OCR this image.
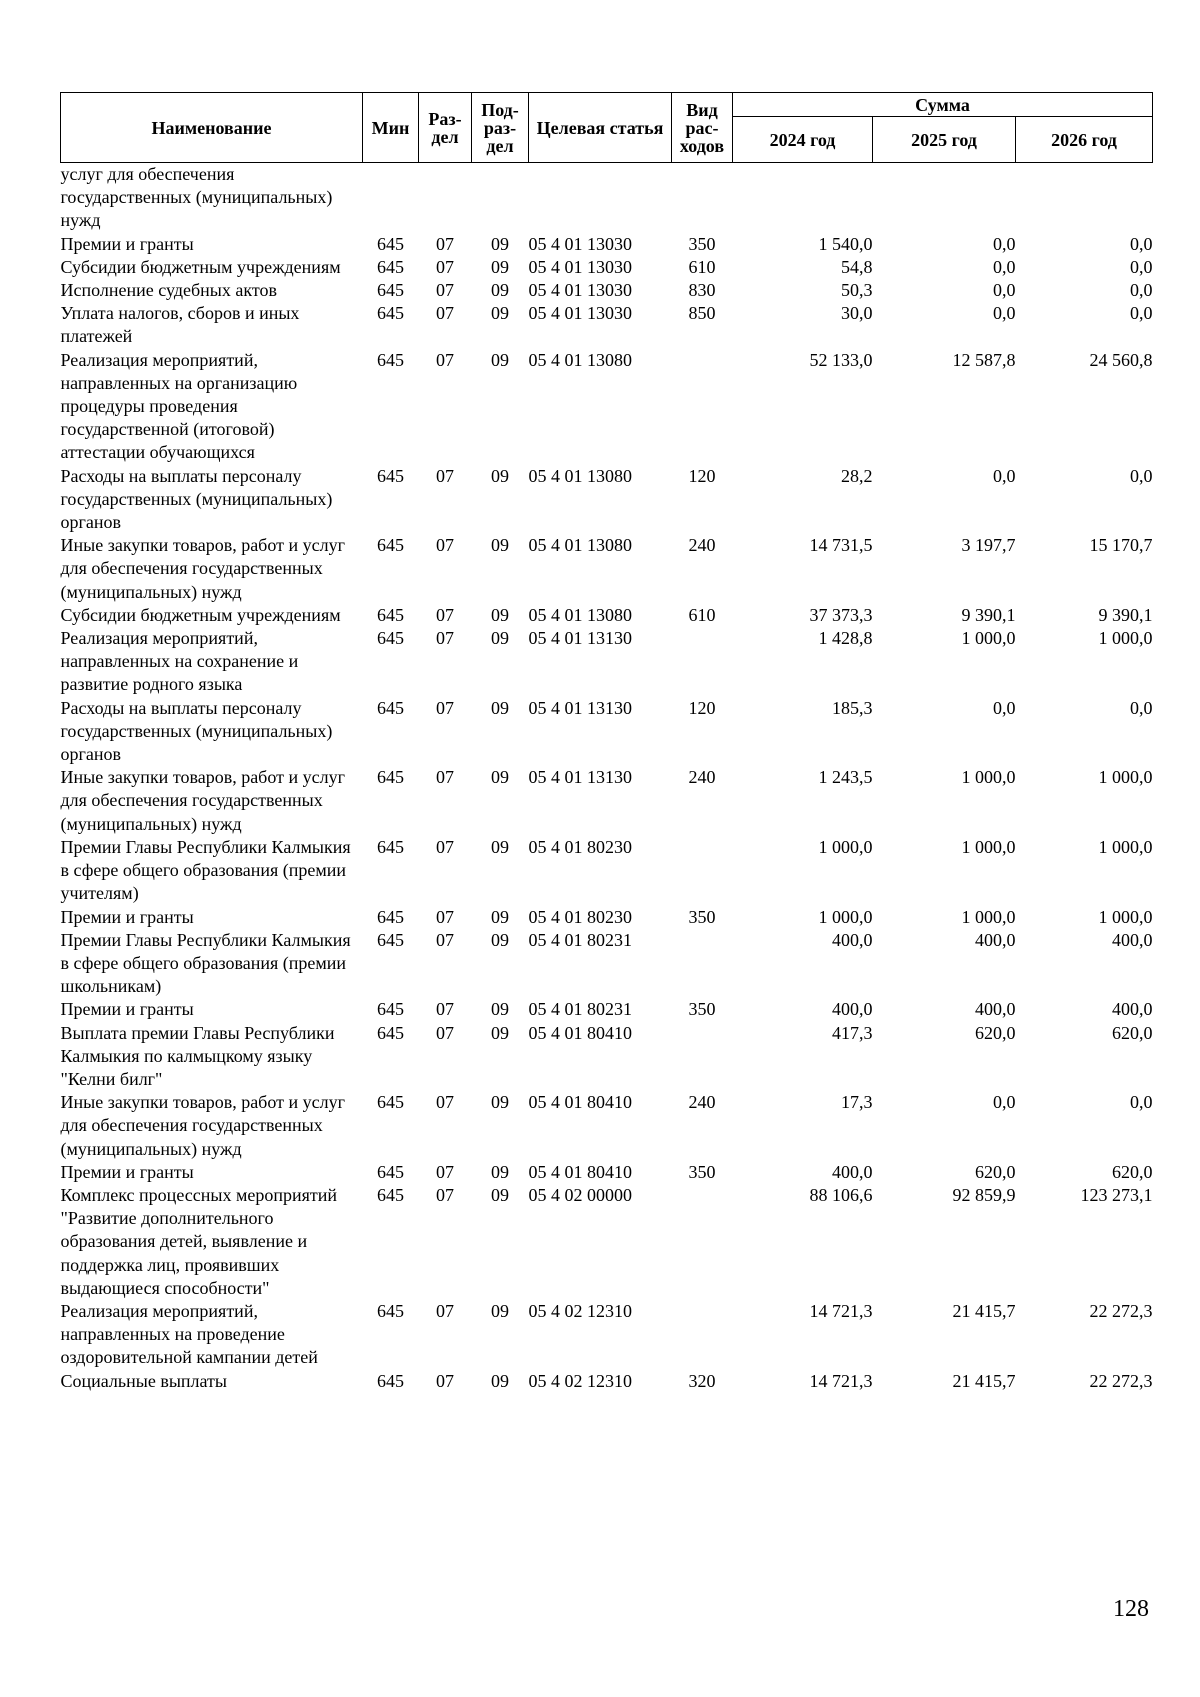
Наименование	Мин	Раз- дел	Под- раз- дел	Целевая статья	Вид рас- ходов	Сумма		
						2024 год	2025 год	2026 год
услуг для обеспечения государственных (муниципальных) нужд								
Премии и гранты	645	07	09	05 4 01 13030	350	1 540,0	0,0	0,0
Субсидии бюджетным учреждениям	645	07	09	05 4 01 13030	610	54,8	0,0	0,0
Исполнение судебных актов	645	07	09	05 4 01 13030	830	50,3	0,0	0,0
Уплата налогов, сборов и иных платежей	645	07	09	05 4 01 13030	850	30,0	0,0	0,0
Реализация мероприятий, направленных на организацию процедуры проведения государственной (итоговой) аттестации обучающихся	645	07	09	05 4 01 13080		52 133,0	12 587,8	24 560,8
Расходы на выплаты персоналу государственных (муниципальных) органов	645	07	09	05 4 01 13080	120	28,2	0,0	0,0
Иные закупки товаров, работ и услуг для обеспечения государственных (муниципальных) нужд	645	07	09	05 4 01 13080	240	14 731,5	3 197,7	15 170,7
Субсидии бюджетным учреждениям	645	07	09	05 4 01 13080	610	37 373,3	9 390,1	9 390,1
Реализация мероприятий, направленных на сохранение и развитие родного языка	645	07	09	05 4 01 13130		1 428,8	1 000,0	1 000,0
Расходы на выплаты персоналу государственных (муниципальных) органов	645	07	09	05 4 01 13130	120	185,3	0,0	0,0
Иные закупки товаров, работ и услуг для обеспечения государственных (муниципальных) нужд	645	07	09	05 4 01 13130	240	1 243,5	1 000,0	1 000,0
Премии Главы Республики Калмыкия в сфере общего образования (премии учителям)	645	07	09	05 4 01 80230		1 000,0	1 000,0	1 000,0
Премии и гранты	645	07	09	05 4 01 80230	350	1 000,0	1 000,0	1 000,0
Премии Главы Республики Калмыкия в сфере общего образования (премии школьникам)	645	07	09	05 4 01 80231		400,0	400,0	400,0
Премии и гранты	645	07	09	05 4 01 80231	350	400,0	400,0	400,0
Выплата премии Главы Республики Калмыкия по калмыцкому языку "Келни билг"	645	07	09	05 4 01 80410		417,3	620,0	620,0
Иные закупки товаров, работ и услуг для обеспечения государственных (муниципальных) нужд	645	07	09	05 4 01 80410	240	17,3	0,0	0,0
Премии и гранты	645	07	09	05 4 01 80410	350	400,0	620,0	620,0
Комплекс процессных мероприятий "Развитие дополнительного образования детей, выявление и поддержка лиц, проявивших выдающиеся способности"	645	07	09	05 4 02 00000		88 106,6	92 859,9	123 273,1
Реализация мероприятий, направленных на проведение оздоровительной кампании детей	645	07	09	05 4 02 12310		14 721,3	21 415,7	22 272,3
Социальные выплаты	645	07	09	05 4 02 12310	320	14 721,3	21 415,7	22 272,3
128
